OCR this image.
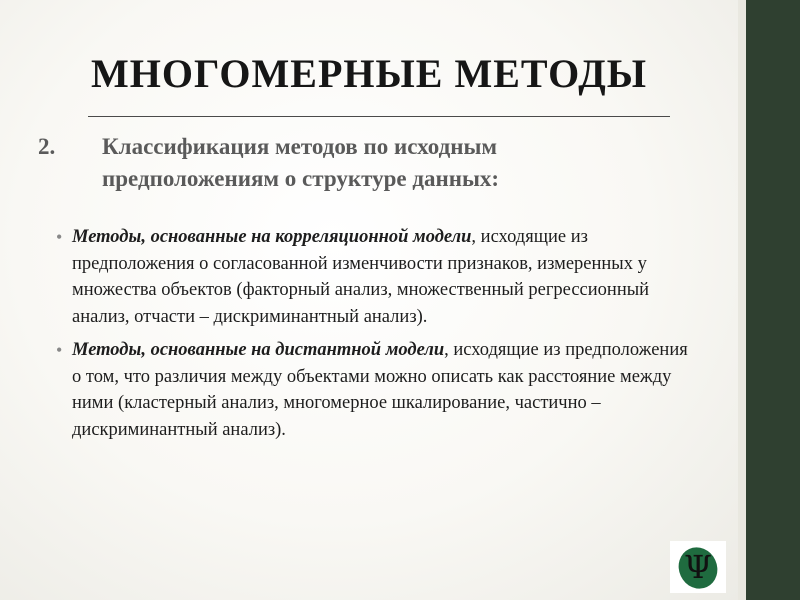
МНОГОМЕРНЫЕ МЕТОДЫ
2. Классификация методов по исходным
предположениям о структуре данных:
• Методы, основанные на корреляционной модели, исходящие из предположения о согласованной изменчивости признаков, измеренных у множества объектов (факторный анализ, множественный регрессионный анализ, отчасти – дискриминантный анализ).
• Методы, основанные на дистантной модели, исходящие из предположения о том, что различия между объектами можно описать как расстояние между ними (кластерный анализ, многомерное шкалирование, частично – дискриминантный анализ).
Ψ
